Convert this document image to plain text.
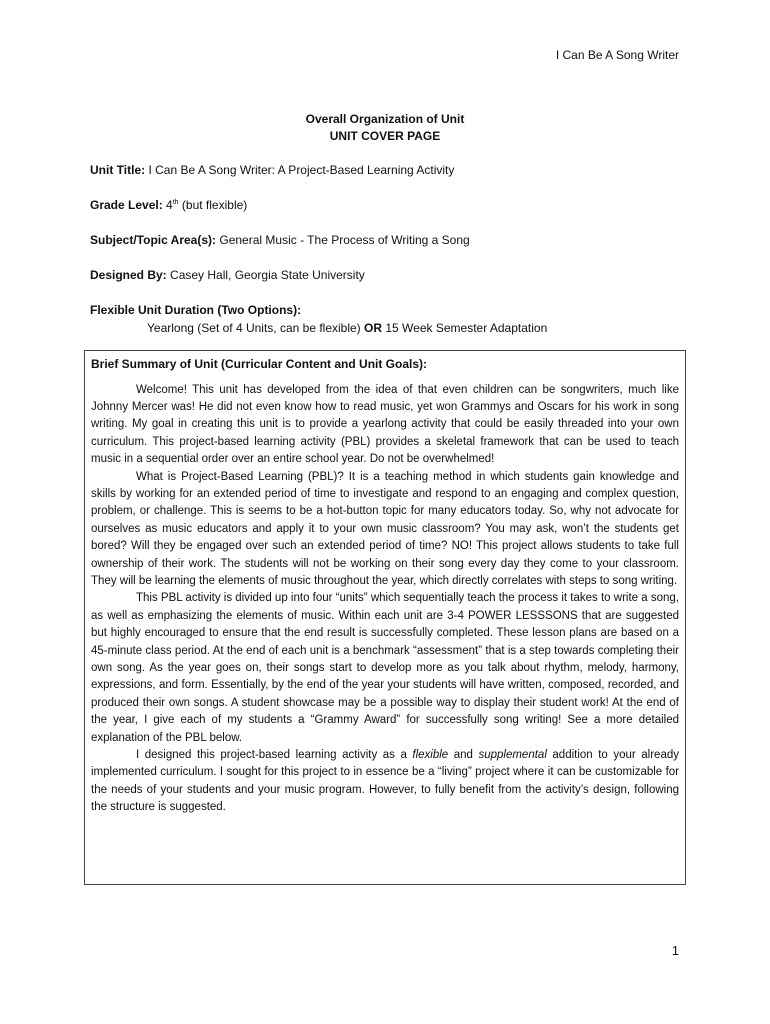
I Can Be A Song Writer
Overall Organization of Unit
UNIT COVER PAGE
Unit Title: I Can Be A Song Writer: A Project-Based Learning Activity
Grade Level: 4th (but flexible)
Subject/Topic Area(s): General Music - The Process of Writing a Song
Designed By: Casey Hall, Georgia State University
Flexible Unit Duration (Two Options):
Yearlong (Set of 4 Units, can be flexible) OR 15 Week Semester Adaptation
Brief Summary of Unit (Curricular Content and Unit Goals):

Welcome! This unit has developed from the idea of that even children can be songwriters, much like Johnny Mercer was! He did not even know how to read music, yet won Grammys and Oscars for his work in song writing. My goal in creating this unit is to provide a yearlong activity that could be easily threaded into your own curriculum. This project-based learning activity (PBL) provides a skeletal framework that can be used to teach music in a sequential order over an entire school year. Do not be overwhelmed!

What is Project-Based Learning (PBL)? It is a teaching method in which students gain knowledge and skills by working for an extended period of time to investigate and respond to an engaging and complex question, problem, or challenge. This is seems to be a hot-button topic for many educators today. So, why not advocate for ourselves as music educators and apply it to your own music classroom? You may ask, won’t the students get bored? Will they be engaged over such an extended period of time? NO! This project allows students to take full ownership of their work. The students will not be working on their song every day they come to your classroom. They will be learning the elements of music throughout the year, which directly correlates with steps to song writing.

This PBL activity is divided up into four “units” which sequentially teach the process it takes to write a song, as well as emphasizing the elements of music. Within each unit are 3-4 POWER LESSSONS that are suggested but highly encouraged to ensure that the end result is successfully completed. These lesson plans are based on a 45-minute class period. At the end of each unit is a benchmark “assessment” that is a step towards completing their own song. As the year goes on, their songs start to develop more as you talk about rhythm, melody, harmony, expressions, and form. Essentially, by the end of the year your students will have written, composed, recorded, and produced their own songs. A student showcase may be a possible way to display their student work! At the end of the year, I give each of my students a “Grammy Award” for successfully song writing! See a more detailed explanation of the PBL below.

I designed this project-based learning activity as a flexible and supplemental addition to your already implemented curriculum. I sought for this project to in essence be a “living” project where it can be customizable for the needs of your students and your music program. However, to fully benefit from the activity’s design, following the structure is suggested.

1
